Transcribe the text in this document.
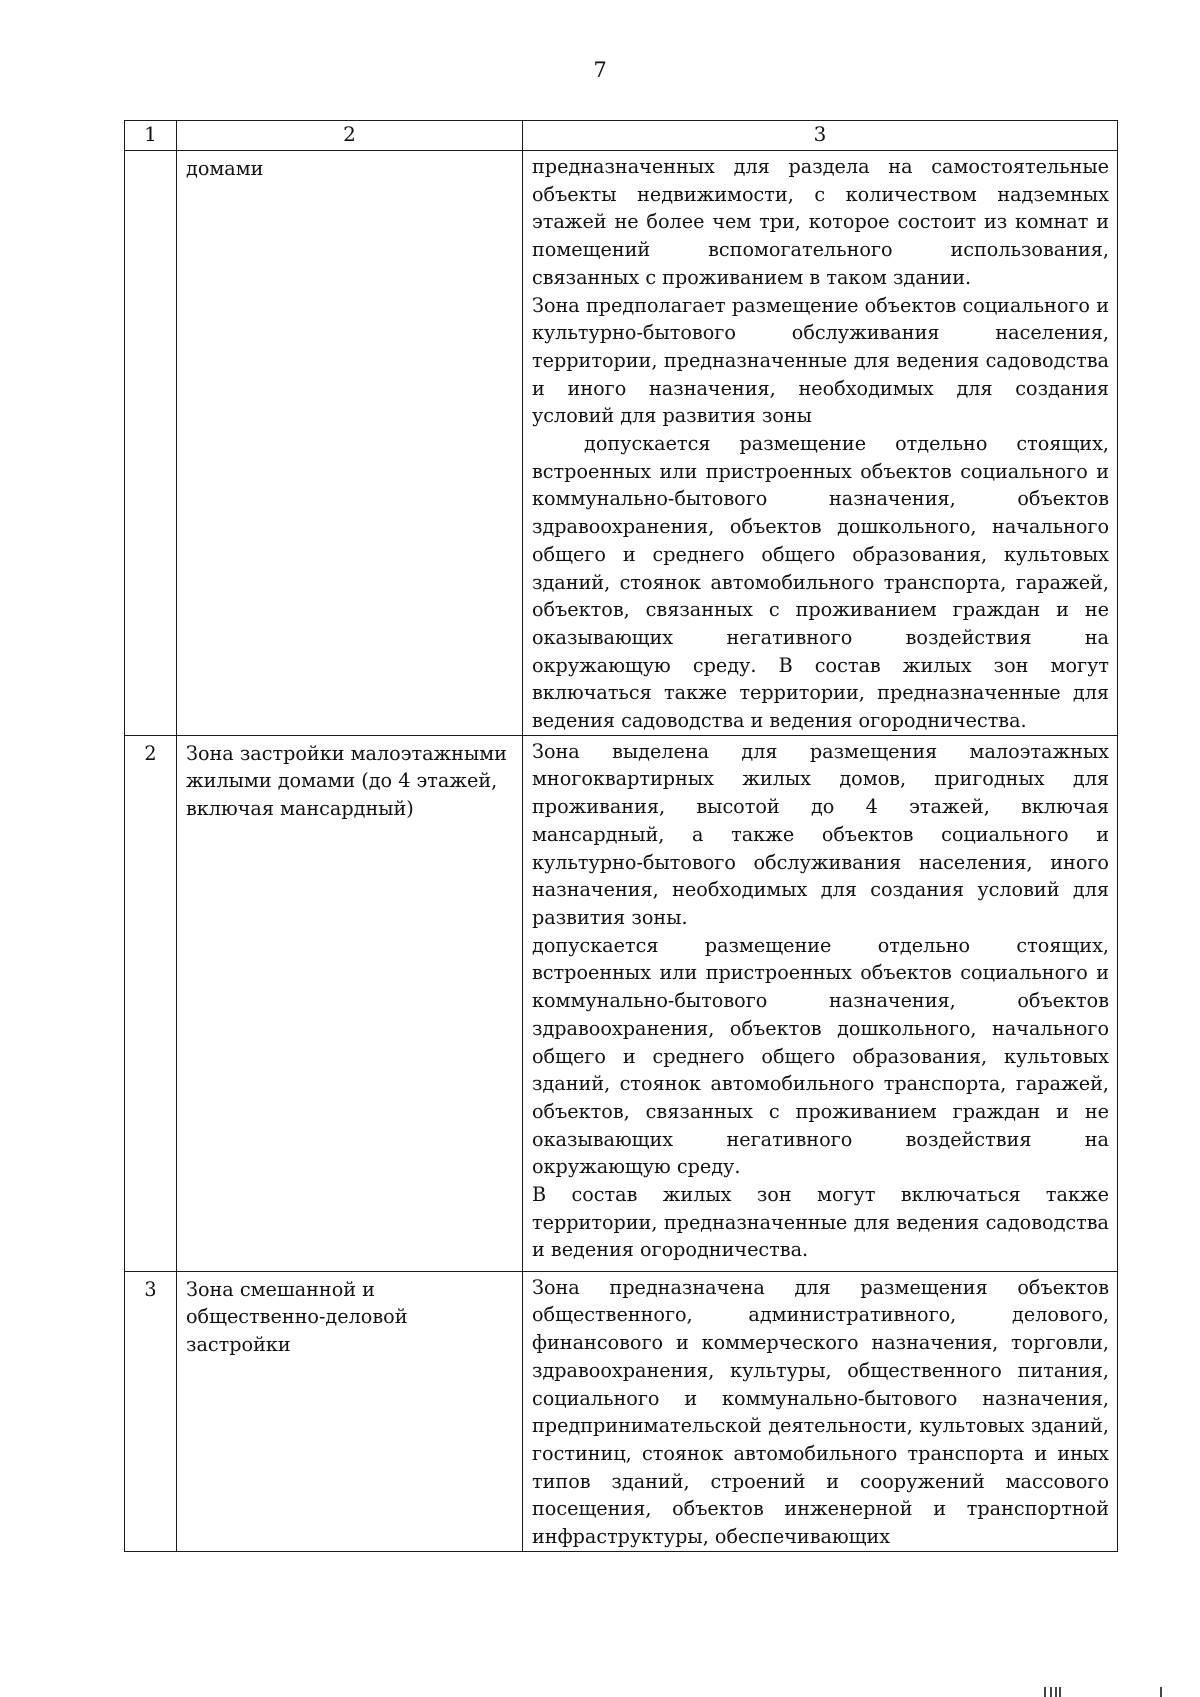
7
1	2	3
	домами	предназначенных для раздела на самостоятельные объекты недвижимости, с количеством надземных этажей не более чем три, которое состоит из комнат и помещений вспомогательного использования, связанных с проживанием в таком здании.

Зона предполагает размещение объектов социального и культурно-бытового обслуживания населения, территории, предназначенные для ведения садоводства и иного назначения, необходимых для создания условий для развития зоны

допускается размещение отдельно стоящих, встроенных или пристроенных объектов социального и коммунально-бытового назначения, объектов здравоохранения, объектов дошкольного, начального общего и среднего общего образования, культовых зданий, стоянок автомобильного транспорта, гаражей, объектов, связанных с проживанием граждан и не оказывающих негативного воздействия на окружающую среду. В состав жилых зон могут включаться также территории, предназначенные для ведения садоводства и ведения огородничества.

2	Зона застройки малоэтажными жилыми домами (до 4 этажей, включая мансардный)	Зона выделена для размещения малоэтажных многоквартирных жилых домов, пригодных для проживания, высотой до 4 этажей, включая мансардный, а также объектов социального и культурно-бытового обслуживания населения, иного назначения, необходимых для создания условий для развития зоны.

допускается размещение отдельно стоящих, встроенных или пристроенных объектов социального и коммунально-бытового назначения, объектов здравоохранения, объектов дошкольного, начального общего и среднего общего образования, культовых зданий, стоянок автомобильного транспорта, гаражей, объектов, связанных с проживанием граждан и не оказывающих негативного воздействия на окружающую среду.

В состав жилых зон могут включаться также территории, предназначенные для ведения садоводства и ведения огородничества.

3	Зона смешанной и общественно-деловой застройки	Зона предназначена для размещения объектов общественного, административного, делового, финансового и коммерческого назначения, торговли, здравоохранения, культуры, общественного питания, социального и коммунально-бытового назначения, предпринимательской деятельности, культовых зданий, гостиниц, стоянок автомобильного транспорта и иных типов зданий, строений и сооружений массового посещения, объектов инженерной и транспортной инфраструктуры, обеспечивающих
